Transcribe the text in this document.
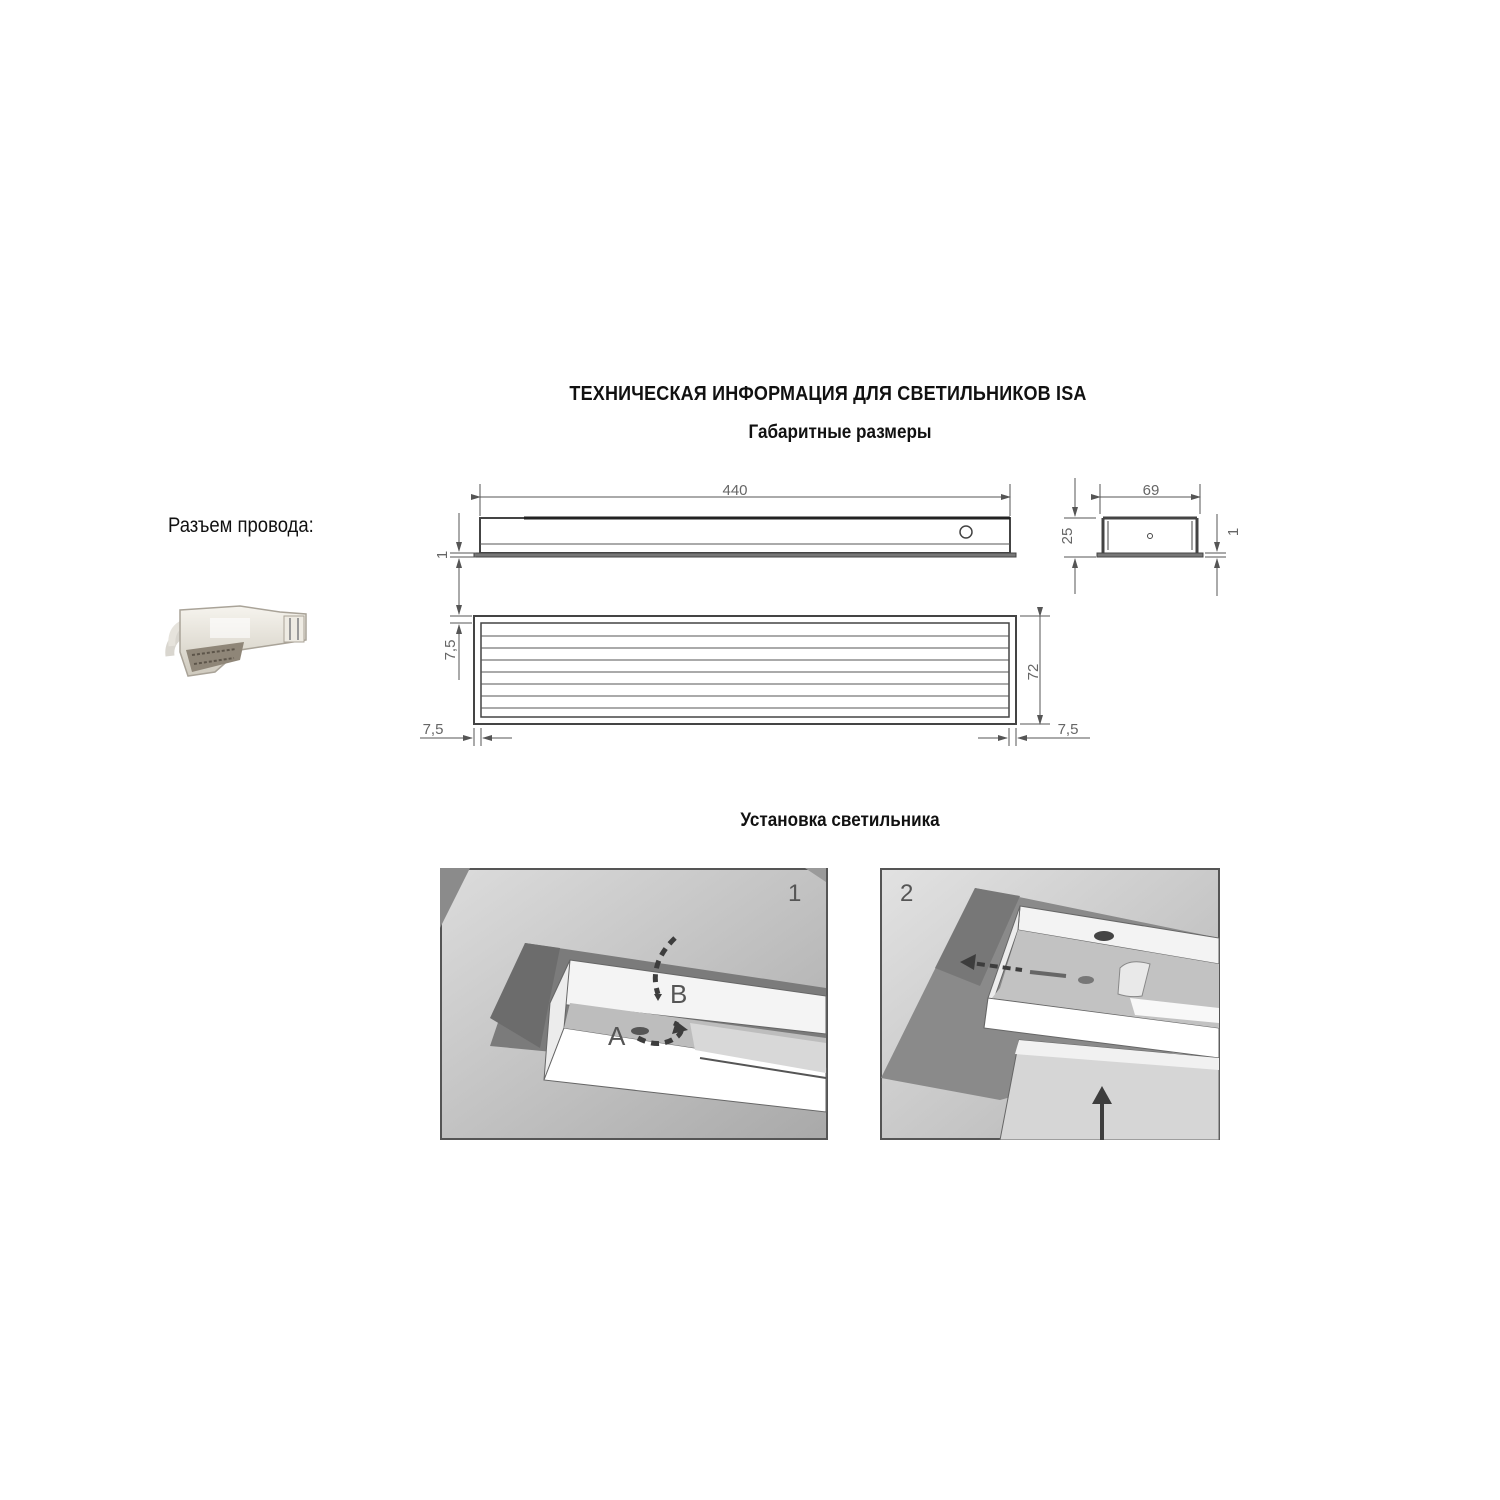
ТЕХНИЧЕСКАЯ ИНФОРМАЦИЯ ДЛЯ СВЕТИЛЬНИКОВ ISA
Габаритные размеры
Разъем провода:
440	69
25	1
1
7,5
72
7,5	7,5
Установка светильника
1
B
A
2
